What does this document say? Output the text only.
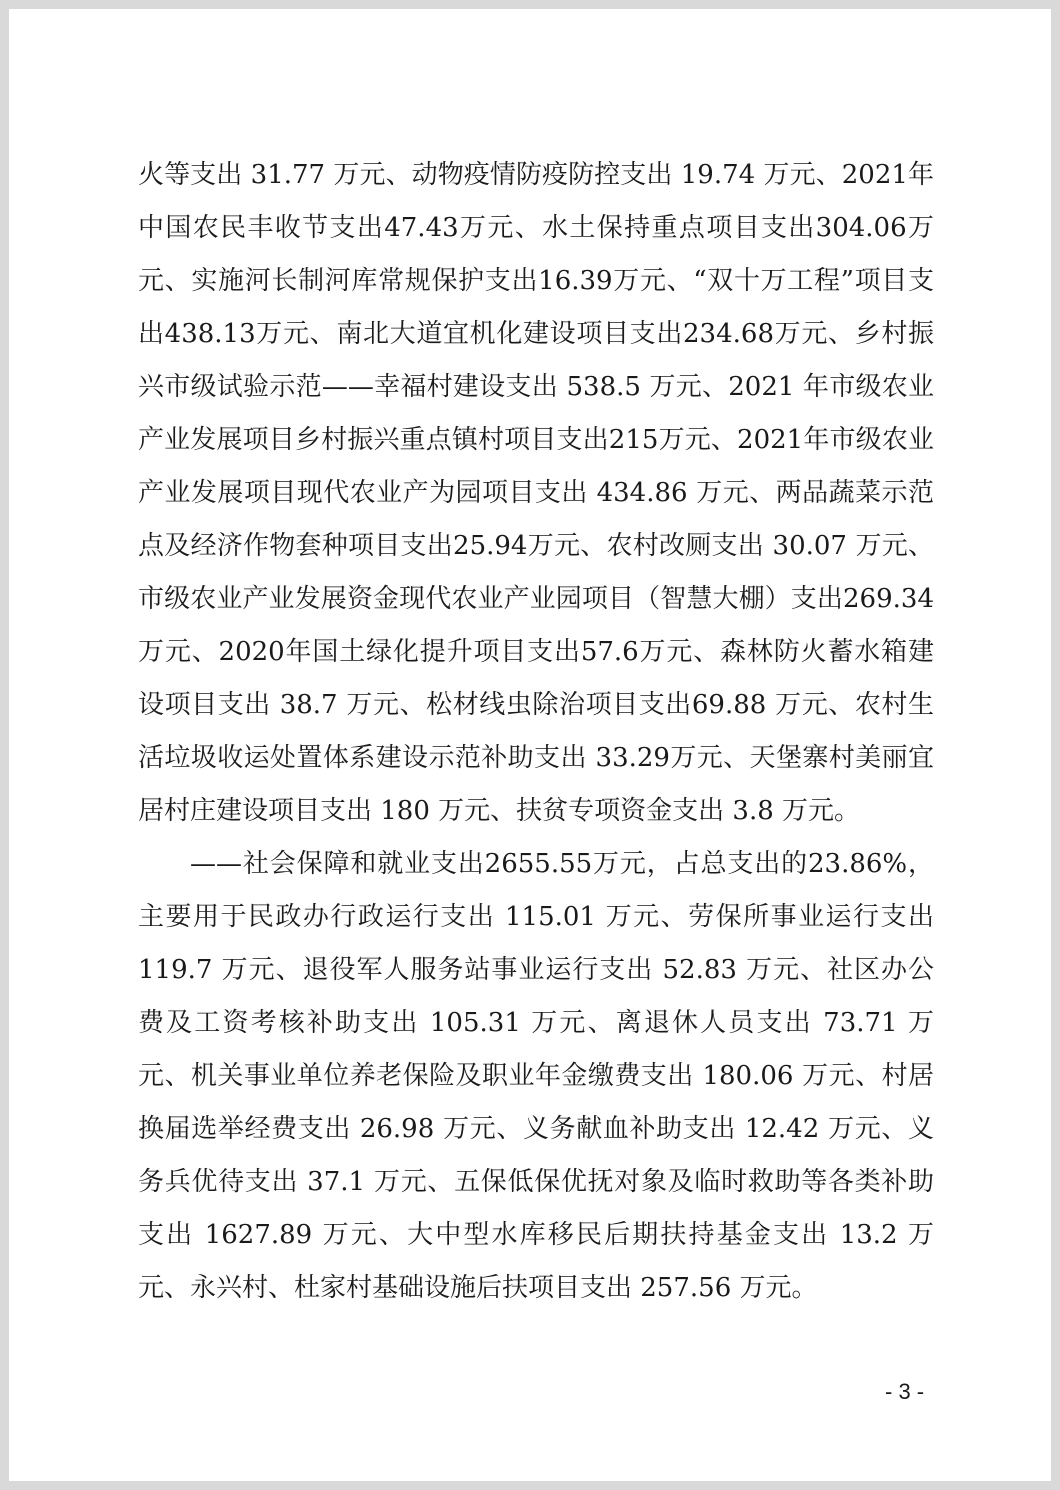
火等支出 31.77 万元、动物疫情防疫防控支出 19.74 万元、2021年中国农民丰收节支出47.43万元、水土保持重点项目支出304.06万元、实施河长制河库常规保护支出16.39万元、“双十万工程”项目支出438.13万元、南北大道宜机化建设项目支出234.68万元、乡村振兴市级试验示范——幸福村建设支出 538.5 万元、2021 年市级农业产业发展项目乡村振兴重点镇村项目支出215万元、2021年市级农业产业发展项目现代农业产为园项目支出 434.86 万元、两品蔬菜示范点及经济作物套种项目支出25.94万元、农村改厕支出 30.07 万元、市级农业产业发展资金现代农业产业园项目（智慧大棚）支出269.34万元、2020年国土绿化提升项目支出57.6万元、森林防火蓄水箱建设项目支出 38.7 万元、松材线虫除治项目支出69.88 万元、农村生活垃圾收运处置体系建设示范补助支出 33.29万元、天堡寨村美丽宜居村庄建设项目支出 180 万元、扶贫专项资金支出 3.8 万元。

——社会保障和就业支出2655.55万元，占总支出的23.86%，主要用于民政办行政运行支出 115.01 万元、劳保所事业运行支出119.7 万元、退役军人服务站事业运行支出 52.83 万元、社区办公费及工资考核补助支出 105.31 万元、离退休人员支出 73.71 万元、机关事业单位养老保险及职业年金缴费支出 180.06 万元、村居换届选举经费支出 26.98 万元、义务献血补助支出 12.42 万元、义务兵优待支出 37.1 万元、五保低保优抚对象及临时救助等各类补助支出 1627.89 万元、大中型水库移民后期扶持基金支出 13.2 万元、永兴村、杜家村基础设施后扶项目支出 257.56 万元。

- 3 -
